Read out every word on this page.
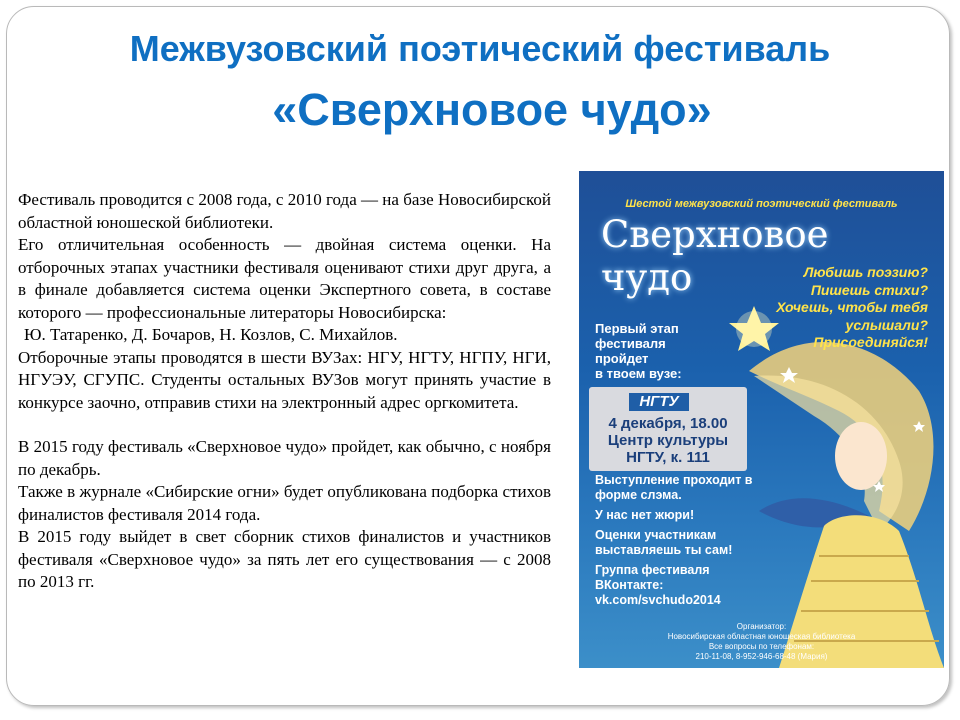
Межвузовский поэтический фестиваль
«Сверхновое чудо»

Фестиваль проводится с 2008 года, с 2010 года — на базе Новосибирской областной юношеской библиотеки.

Его отличительная особенность — двойная система оценки. На отборочных этапах участники фестиваля оценивают стихи друг друга, а в финале добавляется система оценки Экспертного совета, в составе которого — профессиональные литераторы Новосибирска:

Ю. Татаренко, Д. Бочаров, Н. Козлов, С. Михайлов.

Отборочные этапы проводятся в шести ВУЗах: НГУ, НГТУ, НГПУ, НГИ, НГУЭУ, СГУПС. Студенты остальных ВУЗов могут принять участие в конкурсе заочно, отправив стихи на электронный адрес оргкомитета.

В 2015 году фестиваль «Сверхновое чудо» пройдет, как обычно, с ноября по декабрь.

Также в журнале «Сибирские огни» будет опубликована подборка стихов финалистов фестиваля 2014 года.

В 2015 году выйдет в свет сборник стихов финалистов и участников фестиваля «Сверхновое чудо» за пять лет его существования — с 2008 по 2013 гг.

Шестой межвузовский поэтический фестиваль
Сверхновое чудо	Любишь поэзию?
Пишешь стихи?
Хочешь, чтобы тебя
услышали?
Присоединяйся!
Первый этап
фестиваля
пройдет
в твоем вузе:
НГТУ
4 декабря, 18.00
Центр культуры
НГТУ, к. 111

Выступление проходит в форме слэма.

У нас нет жюри!

Оценки участникам выставляешь ты сам!

Группа фестиваля ВКонтакте: vk.com/svchudo2014

Организатор:
Новосибирская областная юношеская библиотека
Все вопросы по телефонам:
210-11-08, 8-952-946-68-48 (Мария)
